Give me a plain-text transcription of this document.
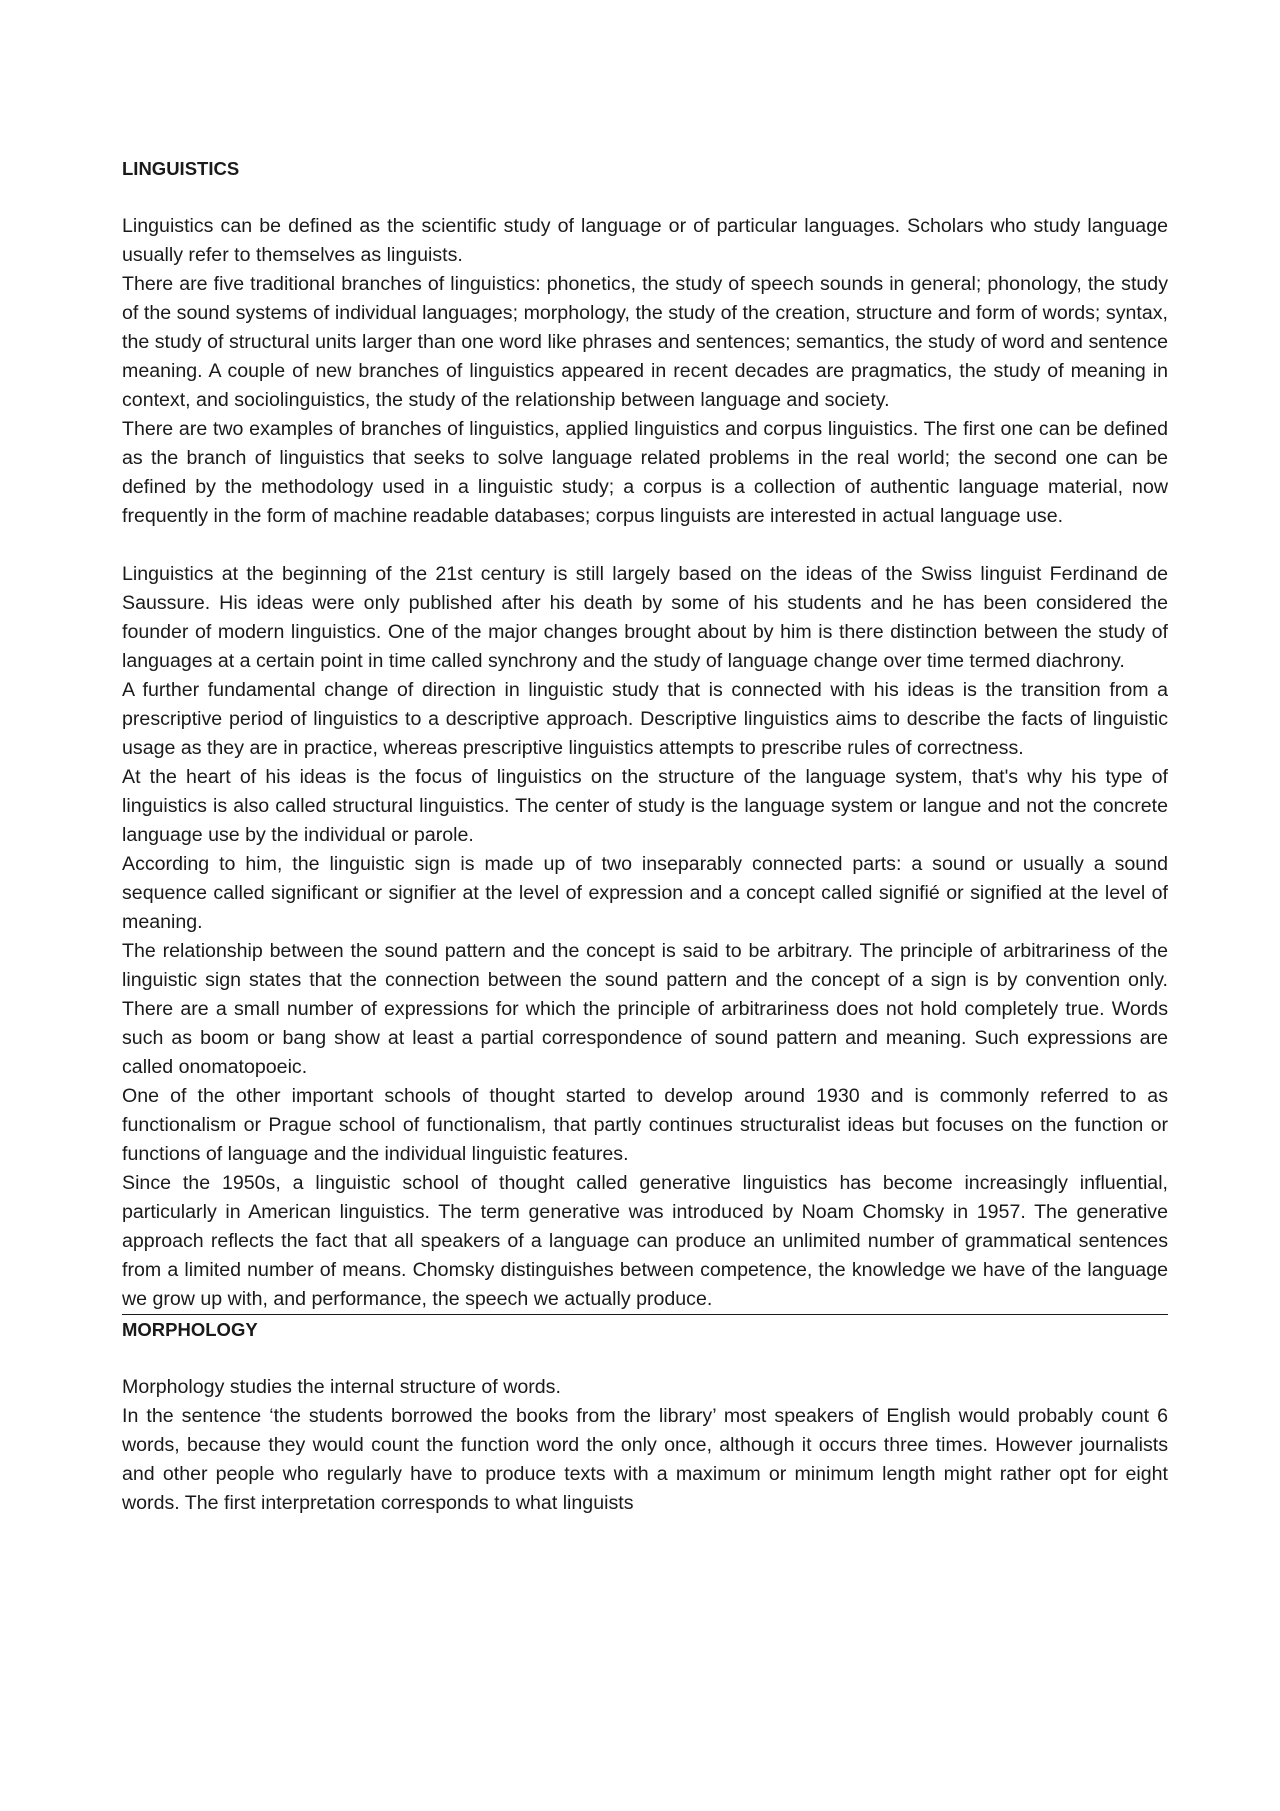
LINGUISTICS

Linguistics can be defined as the scientific study of language or of particular languages. Scholars who study language usually refer to themselves as linguists.

There are five traditional branches of linguistics: phonetics, the study of speech sounds in general; phonology, the study of the sound systems of individual languages; morphology, the study of the creation, structure and form of words; syntax, the study of structural units larger than one word like phrases and sentences; semantics, the study of word and sentence meaning. A couple of new branches of linguistics appeared in recent decades are pragmatics, the study of meaning in context, and sociolinguistics, the study of the relationship between language and society.

There are two examples of branches of linguistics, applied linguistics and corpus linguistics. The first one can be defined as the branch of linguistics that seeks to solve language related problems in the real world; the second one can be defined by the methodology used in a linguistic study; a corpus is a collection of authentic language material, now frequently in the form of machine readable databases; corpus linguists are interested in actual language use.

Linguistics at the beginning of the 21st century is still largely based on the ideas of the Swiss linguist Ferdinand de Saussure. His ideas were only published after his death by some of his students and he has been considered the founder of modern linguistics. One of the major changes brought about by him is there distinction between the study of languages at a certain point in time called synchrony and the study of language change over time termed diachrony.

A further fundamental change of direction in linguistic study that is connected with his ideas is the transition from a prescriptive period of linguistics to a descriptive approach. Descriptive linguistics aims to describe the facts of linguistic usage as they are in practice, whereas prescriptive linguistics attempts to prescribe rules of correctness.

At the heart of his ideas is the focus of linguistics on the structure of the language system, that's why his type of linguistics is also called structural linguistics. The center of study is the language system or langue and not the concrete language use by the individual or parole.

According to him, the linguistic sign is made up of two inseparably connected parts: a sound or usually a sound sequence called significant or signifier at the level of expression and a concept called signifié or signified at the level of meaning.

The relationship between the sound pattern and the concept is said to be arbitrary. The principle of arbitrariness of the linguistic sign states that the connection between the sound pattern and the concept of a sign is by convention only. There are a small number of expressions for which the principle of arbitrariness does not hold completely true. Words such as boom or bang show at least a partial correspondence of sound pattern and meaning. Such expressions are called onomatopoeic.

One of the other important schools of thought started to develop around 1930 and is commonly referred to as functionalism or Prague school of functionalism, that partly continues structuralist ideas but focuses on the function or functions of language and the individual linguistic features.

Since the 1950s, a linguistic school of thought called generative linguistics has become increasingly influential, particularly in American linguistics. The term generative was introduced by Noam Chomsky in 1957. The generative approach reflects the fact that all speakers of a language can produce an unlimited number of grammatical sentences from a limited number of means. Chomsky distinguishes between competence, the knowledge we have of the language we grow up with, and performance, the speech we actually produce.

MORPHOLOGY

Morphology studies the internal structure of words.

In the sentence ‘the students borrowed the books from the library’ most speakers of English would probably count 6 words, because they would count the function word the only once, although it occurs three times. However journalists and other people who regularly have to produce texts with a maximum or minimum length might rather opt for eight words. The first interpretation corresponds to what linguists
